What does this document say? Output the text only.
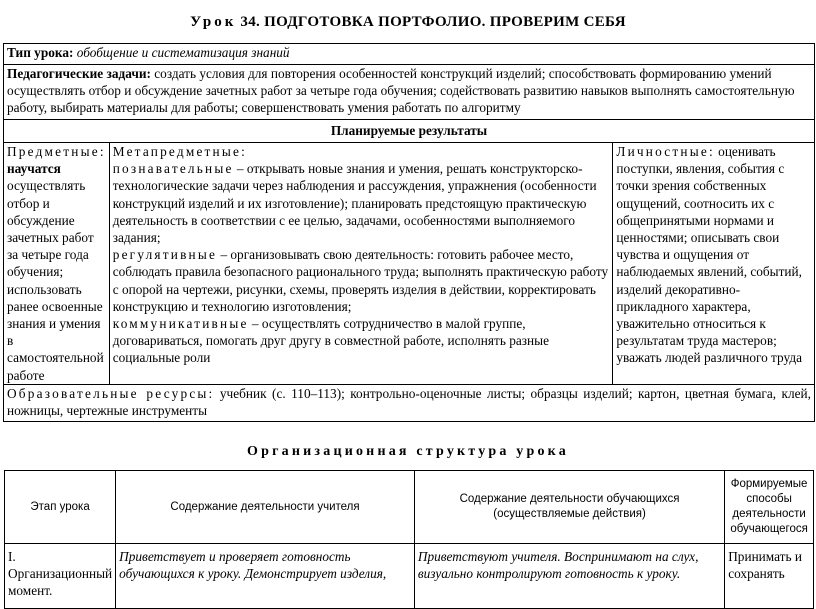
Урок 34. ПОДГОТОВКА ПОРТФОЛИО. ПРОВЕРИМ СЕБЯ
Тип урока: обобщение и систематизация знаний
Педагогические задачи: создать условия для повторения особенностей конструкций изделий; способствовать формированию умений осуществлять отбор и обсуждение зачетных работ за четыре года обучения; содействовать развитию навыков выполнять самостоятельную работу, выбирать материалы для работы; совершенствовать умения работать по алгоритму
Планируемые результаты
Предметные:
научатся осуществлять отбор и обсуждение зачетных работ за четыре года обучения; использовать ранее освоенные знания и умения в самостоятельной работе	Метапредметные:
познавательные – открывать новые знания и умения, решать конструкторско-технологические задачи через наблюдения и рассуждения, упражнения (особенности конструкций изделий и их изготовление); планировать предстоящую практическую деятельность в соответствии с ее целью, задачами, особенностями выполняемого задания;
регулятивные – организовывать свою деятельность: готовить рабочее место, соблюдать правила безопасного рационального труда; выполнять практическую работу с опорой на чертежи, рисунки, схемы, проверять изделия в действии, корректировать конструкцию и технологию изготовления;
коммуникативные – осуществлять сотрудничество в малой группе, договариваться, помогать друг другу в совместной работе, исполнять разные социальные роли	Личностные: оценивать поступки, явления, события с точки зрения собственных ощущений, соотносить их с общепринятыми нормами и ценностями; описывать свои чувства и ощущения от наблюдаемых явлений, событий, изделий декоративно-прикладного характера, уважительно относиться к результатам труда мастеров; уважать людей различного труда
Образовательные ресурсы: учебник (с. 110–113); контрольно-оценочные листы; образцы изделий; картон, цветная бумага, клей, ножницы, чертежные инструменты
Организационная структура урока
Этап урока	Содержание деятельности учителя	Содержание деятельности обучающихся (осуществляемые действия)	Формируемые способы деятельности обучающегося
I. Организационный момент.	Приветствует и проверяет готовность обучающихся к уроку. Демонстрирует изделия,	Приветствуют учителя. Воспринимают на слух, визуально контролируют готовность к уроку.	Принимать и сохранять
